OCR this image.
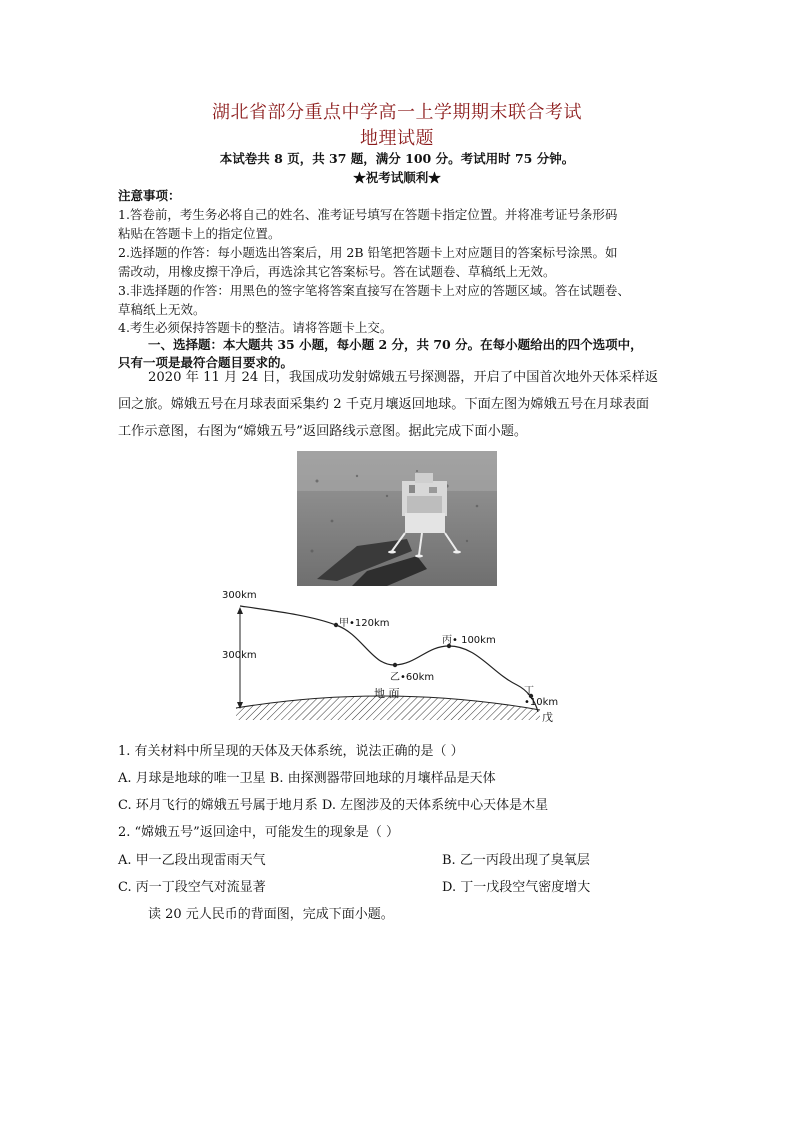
湖北省部分重点中学高一上学期期末联合考试
地理试题
本试卷共 8 页，共 37 题，满分 100 分。考试用时 75 分钟。
★祝考试顺利★
注意事项：
1.答卷前，考生务必将自己的姓名、准考证号填写在答题卡指定位置。并将准考证号条形码
粘贴在答题卡上的指定位置。
2.选择题的作答：每小题选出答案后，用 2B 铅笔把答题卡上对应题目的答案标号涂黑。如
需改动，用橡皮擦干净后，再选涂其它答案标号。答在试题卷、草稿纸上无效。
3.非选择题的作答：用黑色的签字笔将答案直接写在答题卡上对应的答题区域。答在试题卷、
草稿纸上无效。
4.考生必须保持答题卡的整洁。请将答题卡上交。
一、选择题：本大题共 35 小题，每小题 2 分，共 70 分。在每小题给出的四个选项中，
只有一项是最符合题目要求的。
2020 年 11 月 24 日，我国成功发射嫦娥五号探测器，开启了中国首次地外天体采样返
回之旅。嫦娥五号在月球表面采集约 2 千克月壤返回地球。下面左图为嫦娥五号在月球表面
工作示意图，右图为“嫦娥五号”返回路线示意图。据此完成下面小题。
300km
300km
甲•120km
丙• 100km
乙•60km
丁•10km
地 面
戊
1. 有关材料中所呈现的天体及天体系统，说法正确的是（ ）
A. 月球是地球的唯一卫星 B. 由探测器带回地球的月壤样品是天体
C. 环月飞行的嫦娥五号属于地月系 D. 左图涉及的天体系统中心天体是木星
2. “嫦娥五号”返回途中，可能发生的现象是（ ）
A. 甲一乙段出现雷雨天气	B. 乙一丙段出现了臭氧层
C. 丙一丁段空气对流显著	D. 丁一戊段空气密度增大
读 20 元人民币的背面图，完成下面小题。
